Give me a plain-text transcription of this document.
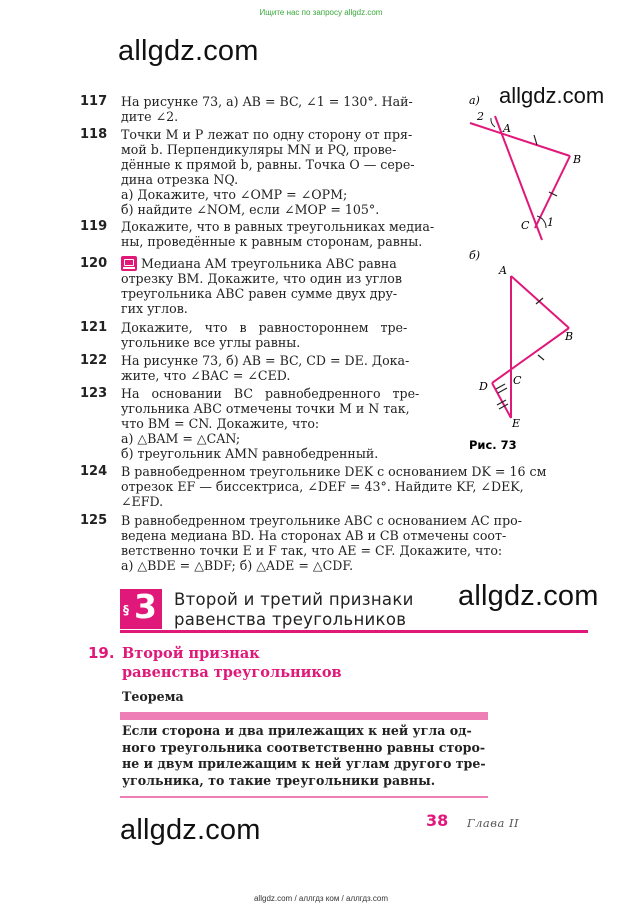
Ищите нас по запросу allgdz.com
allgdz.com
allgdz.com
allgdz.com
allgdz.com
allgdz.com / аллгдз ком / аллгдз.com
117 На рисунке 73, а) AB = BC, ∠1 = 130°. Най-
дите ∠2.
118 Точки M и P лежат по одну сторону от пря-
мой b. Перпендикуляры MN и PQ, прове-
дённые к прямой b, равны. Точка O — сере-
дина отрезка NQ.
а) Докажите, что ∠OMP = ∠OPM;
б) найдите ∠NOM, если ∠MOP = 105°.
119 Докажите, что в равных треугольниках медиа-
ны, проведённые к равным сторонам, равны.
120	Медиана AM треугольника ABC равна
отрезку BM. Докажите, что один из углов
треугольника ABC равен сумме двух дру-
гих углов.
121 Докажите,   что   в   равностороннем   тре-
угольнике все углы равны.
122 На рисунке 73, б) AB = BC, CD = DE. Дока-
жите, что ∠BAC = ∠CED.
123 На   основании   BC   равнобедренного   тре-
угольника ABC отмечены точки M и N так,
что BM = CN. Докажите, что:
а) △BAM = △CAN;
б) треугольник AMN равнобедренный.
124 В равнобедренном треугольнике DEK с основанием DK = 16 см
отрезок EF — биссектриса, ∠DEF = 43°. Найдите KF, ∠DEK,
∠EFD.
125 В равнобедренном треугольнике ABC с основанием AC про-
ведена медиана BD. На сторонах AB и CB отмечены соот-
ветственно точки E и F так, что AE = CF. Докажите, что:
а) △BDE = △BDF; б) △ADE = △CDF.
а)
2
A
B
C 1
б)
A
B
C
D
E
Рис. 73
§ 3 Второй и третий признаки
равенства треугольников
19. Второй признак
равенства треугольников
Теорема
Если сторона и два прилежащих к ней угла од-
ного треугольника соответственно равны сторо-
не и двум прилежащим к ней углам другого тре-
угольника, то такие треугольники равны.
38 Глава II
